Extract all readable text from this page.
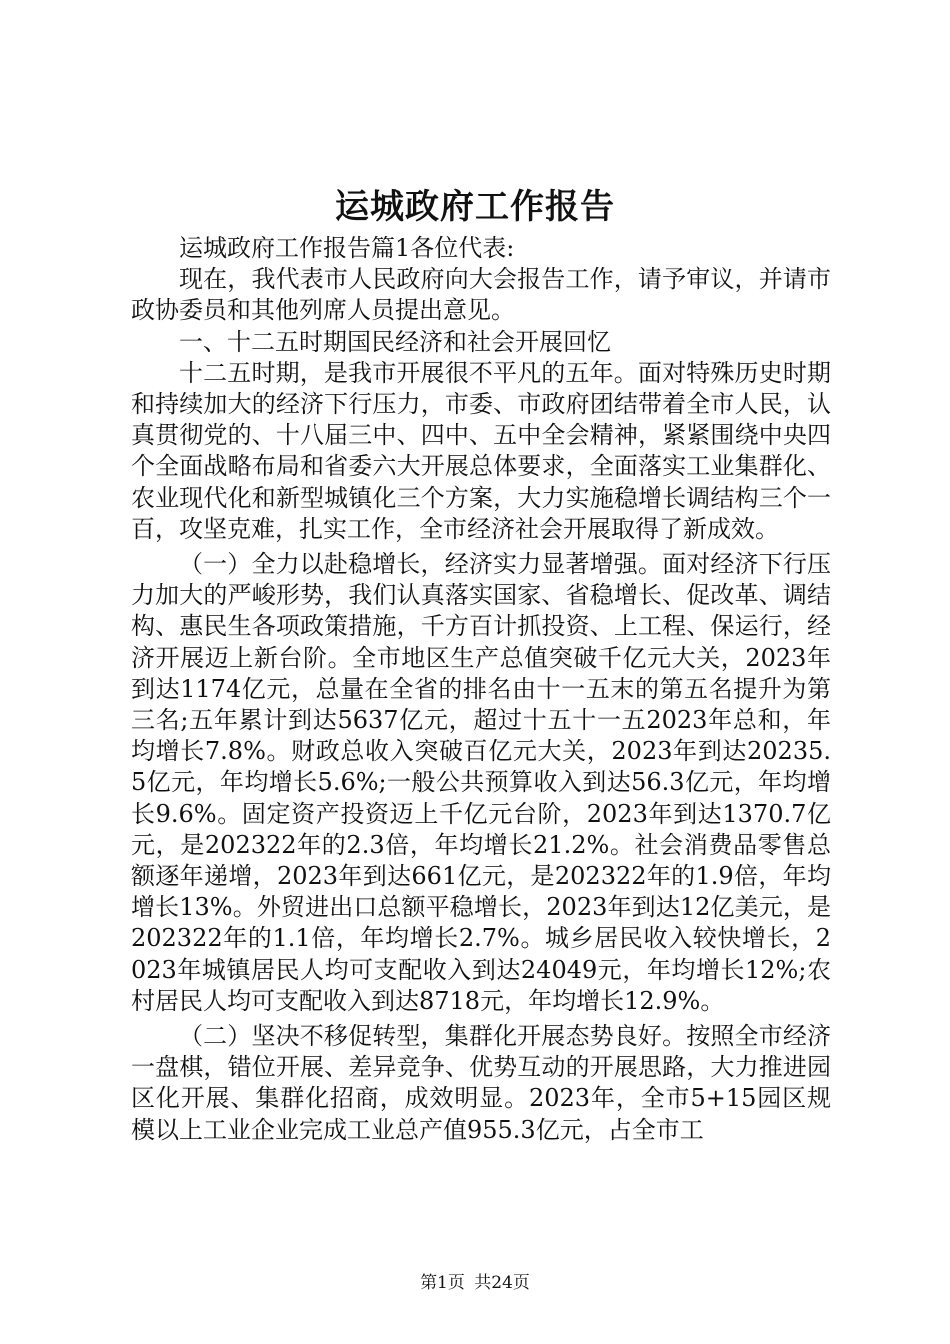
运城政府工作报告

运城政府工作报告篇1各位代表:

现在，我代表市人民政府向大会报告工作，请予审议，并请市政协委员和其他列席人员提出意见。

一、十二五时期国民经济和社会开展回忆

十二五时期，是我市开展很不平凡的五年。面对特殊历史时期和持续加大的经济下行压力，市委、市政府团结带着全市人民，认真贯彻党的、十八届三中、四中、五中全会精神，紧紧围绕中央四个全面战略布局和省委六大开展总体要求，全面落实工业集群化、农业现代化和新型城镇化三个方案，大力实施稳增长调结构三个一百，攻坚克难，扎实工作，全市经济社会开展取得了新成效。

（一）全力以赴稳增长，经济实力显著增强。面对经济下行压力加大的严峻形势，我们认真落实国家、省稳增长、促改革、调结构、惠民生各项政策措施，千方百计抓投资、上工程、保运行，经济开展迈上新台阶。全市地区生产总值突破千亿元大关，2023年到达1174亿元，总量在全省的排名由十一五末的第五名提升为第三名;五年累计到达5637亿元，超过十五十一五2023年总和，年均增长7.8%。财政总收入突破百亿元大关，2023年到达20235.5亿元，年均增长5.6%;一般公共预算收入到达56.3亿元，年均增长9.6%。固定资产投资迈上千亿元台阶，2023年到达1370.7亿元，是202322年的2.3倍，年均增长21.2%。社会消费品零售总额逐年递增，2023年到达661亿元，是202322年的1.9倍，年均增长13%。外贸进出口总额平稳增长，2023年到达12亿美元，是202322年的1.1倍，年均增长2.7%。城乡居民收入较快增长，2023年城镇居民人均可支配收入到达24049元，年均增长12%;农村居民人均可支配收入到达8718元，年均增长12.9%。

（二）坚决不移促转型，集群化开展态势良好。按照全市经济一盘棋，错位开展、差异竞争、优势互动的开展思路，大力推进园区化开展、集群化招商，成效明显。2023年，全市5+15园区规模以上工业企业完成工业总产值955.3亿元，占全市工

第1页 共24页
